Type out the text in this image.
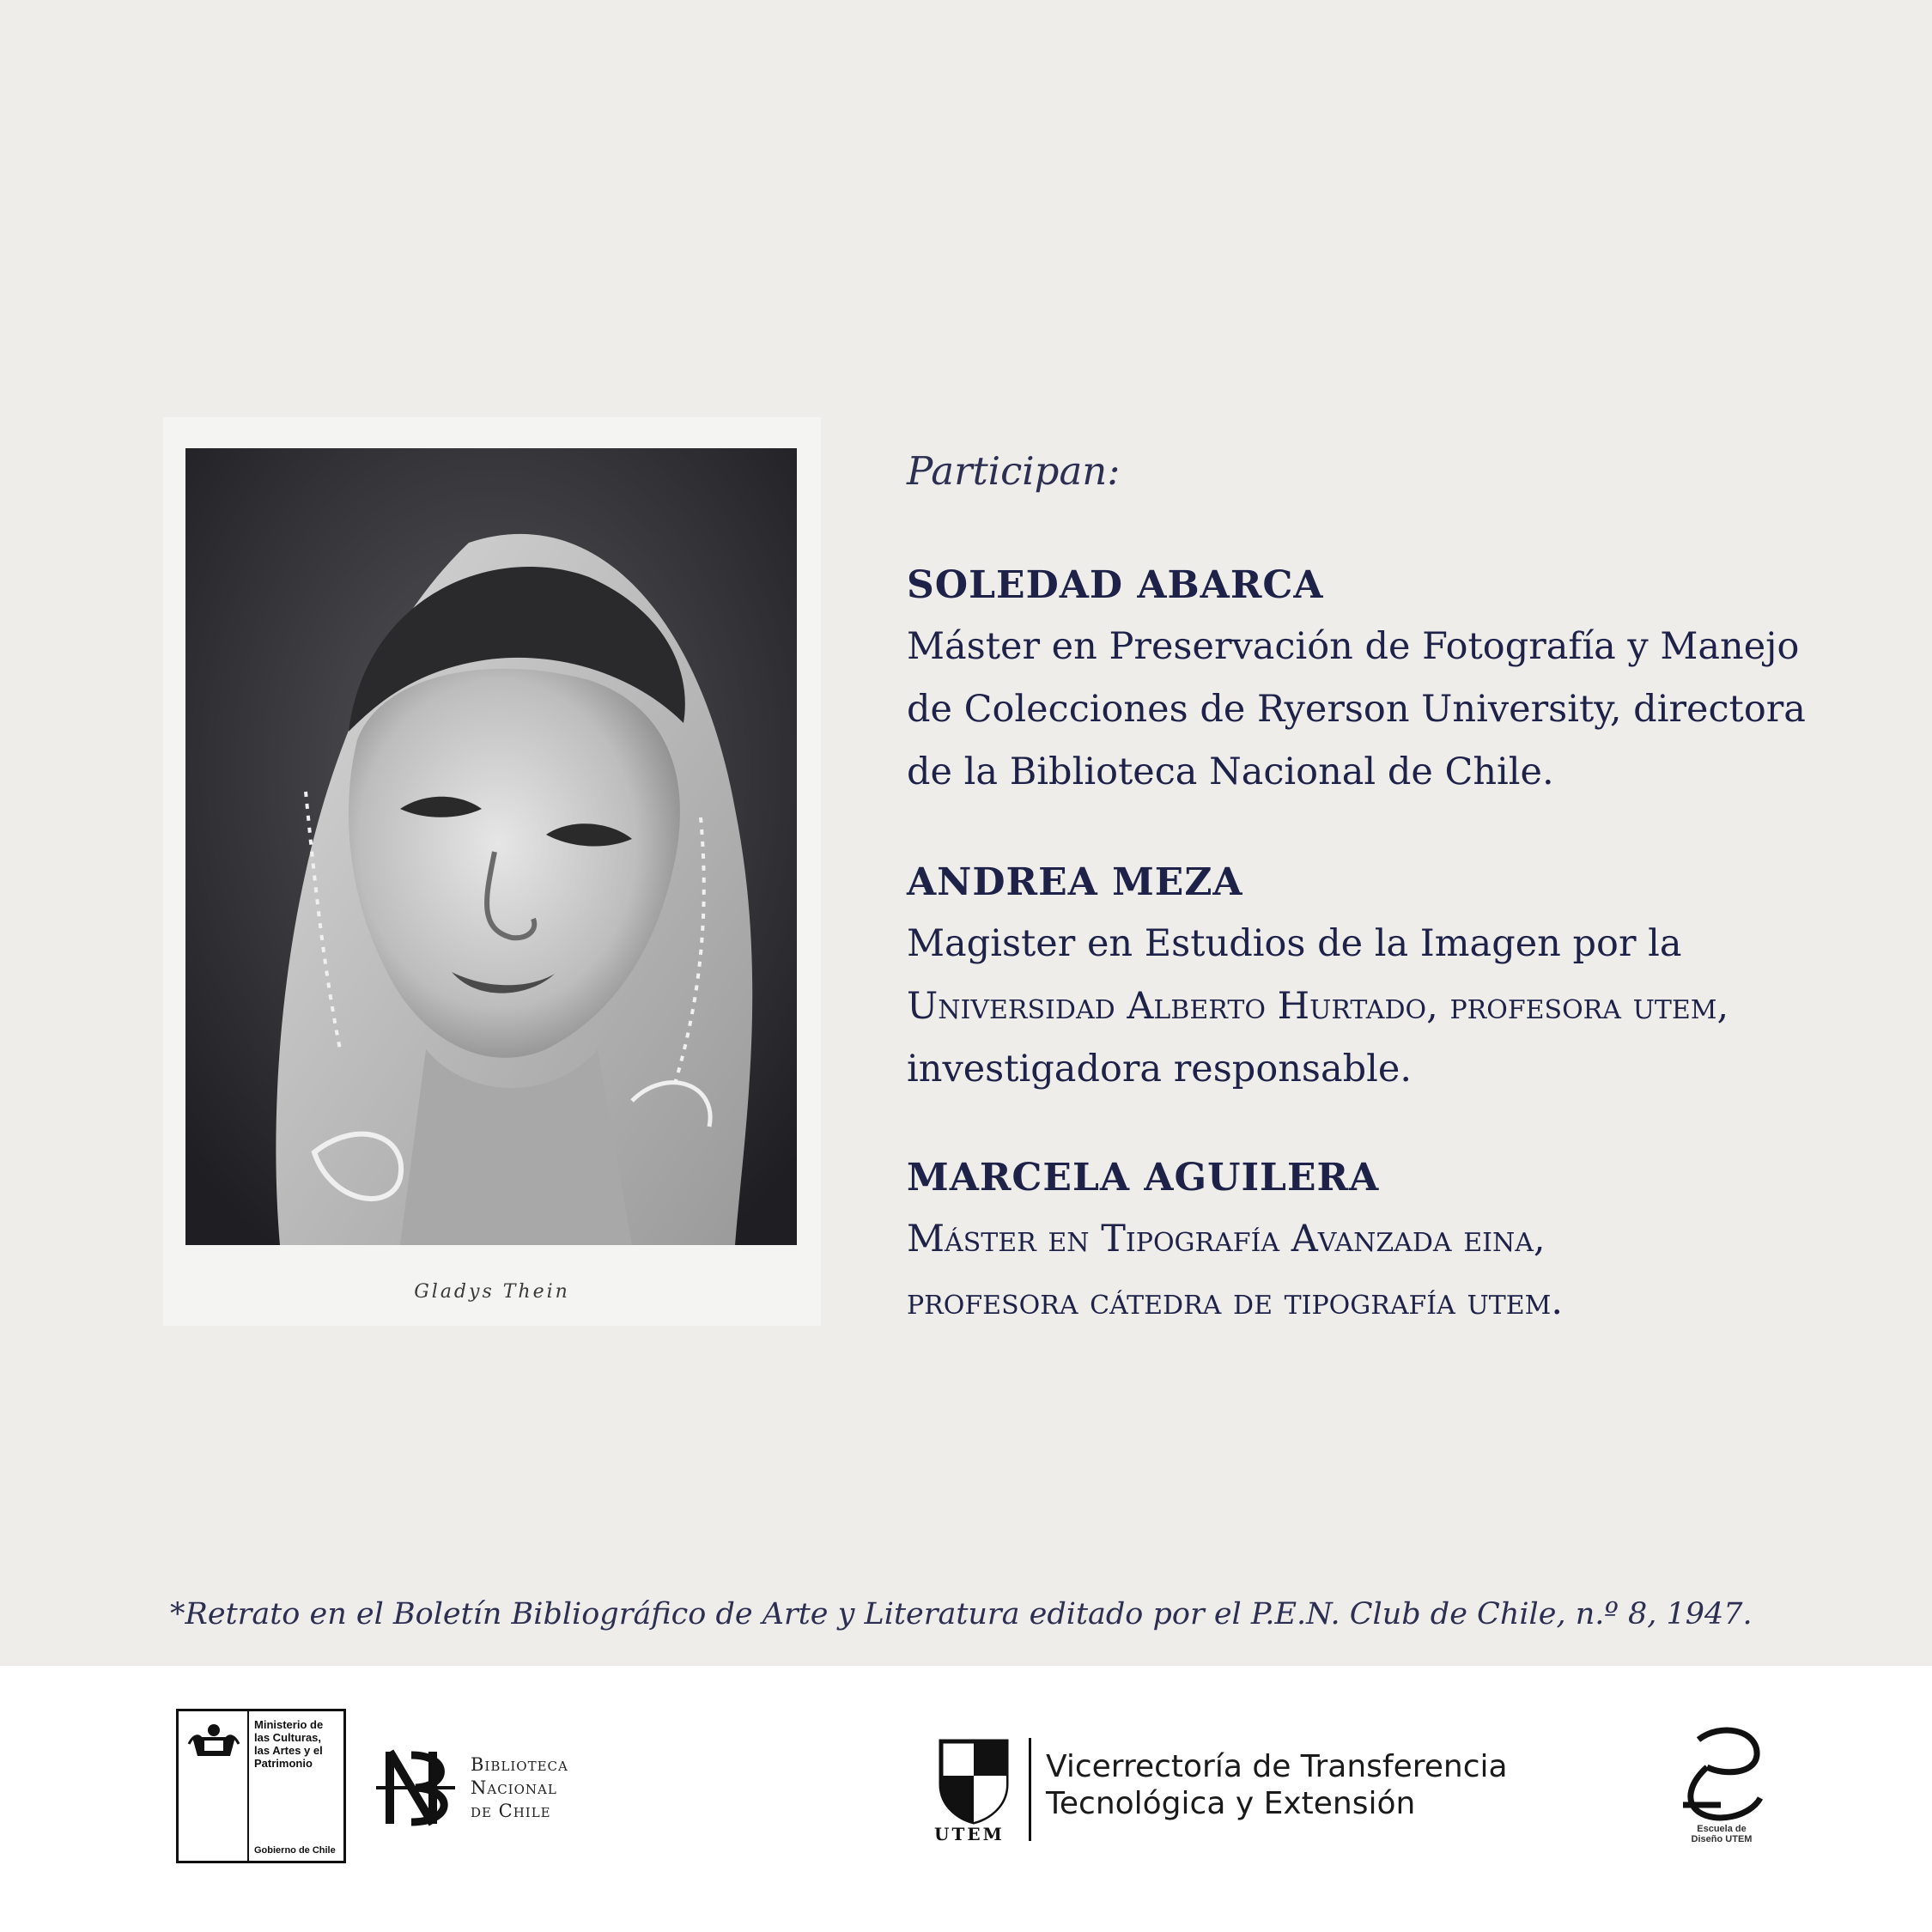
Gladys Thein
Participan:
SOLEDAD ABARCA
Máster en Preservación de Fotografía y Manejo
de Colecciones de Ryerson University, directora
de la Biblioteca Nacional de Chile.
ANDREA MEZA
Magister en Estudios de la Imagen por la
Universidad Alberto Hurtado, profesora utem,
investigadora responsable.
MARCELA AGUILERA
Máster en Tipografía Avanzada eina,
profesora cátedra de tipografía utem.
*Retrato en el Boletín Bibliográfico de Arte y Literatura editado por el P.E.N. Club de Chile, n.º 8, 1947.
Ministerio de
las Culturas,
las Artes y el
Patrimonio
Gobierno de Chile
Biblioteca
Nacional
de Chile
UTEM
Vicerrectoría de Transferencia
Tecnológica y Extensión
Escuela de
Diseño UTEM
